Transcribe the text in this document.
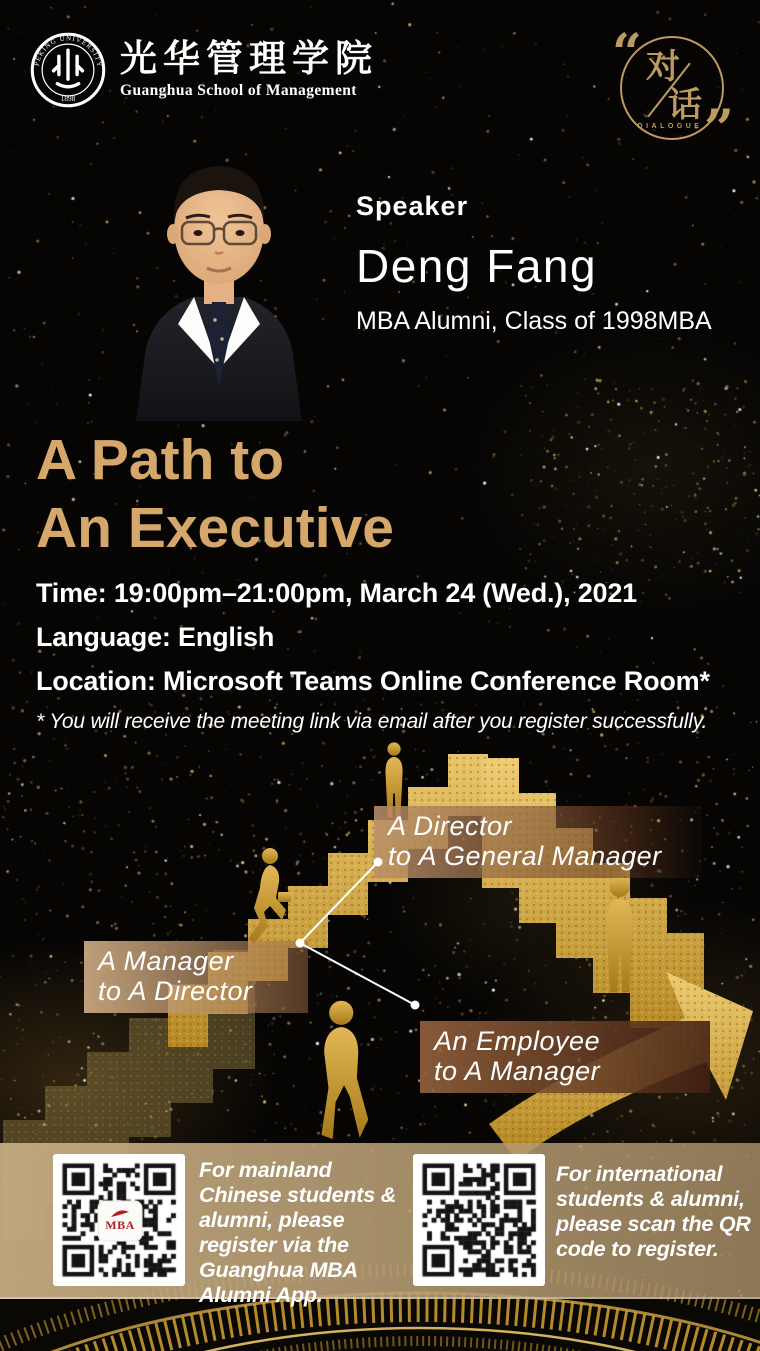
A Director
to A General Manager
A Manager
to A Director
An Employee
to A Manager
PEKING UNIVERSITY
1898
光华管理学院
Guanghua School of Management
“ 对
话
DIALOGUE ”
Speaker
Deng Fang
MBA Alumni, Class of 1998MBA
A Path to
An Executive
Time: 19:00pm–21:00pm, March 24 (Wed.), 2021
Language: English
Location: Microsoft Teams Online Conference Room*
* You will receive the meeting link via email after you register successfully.
MBA
For mainland Chinese students & alumni, please register via the Guanghua MBA Alumni App.
For international students & alumni, please scan the QR code to register.
